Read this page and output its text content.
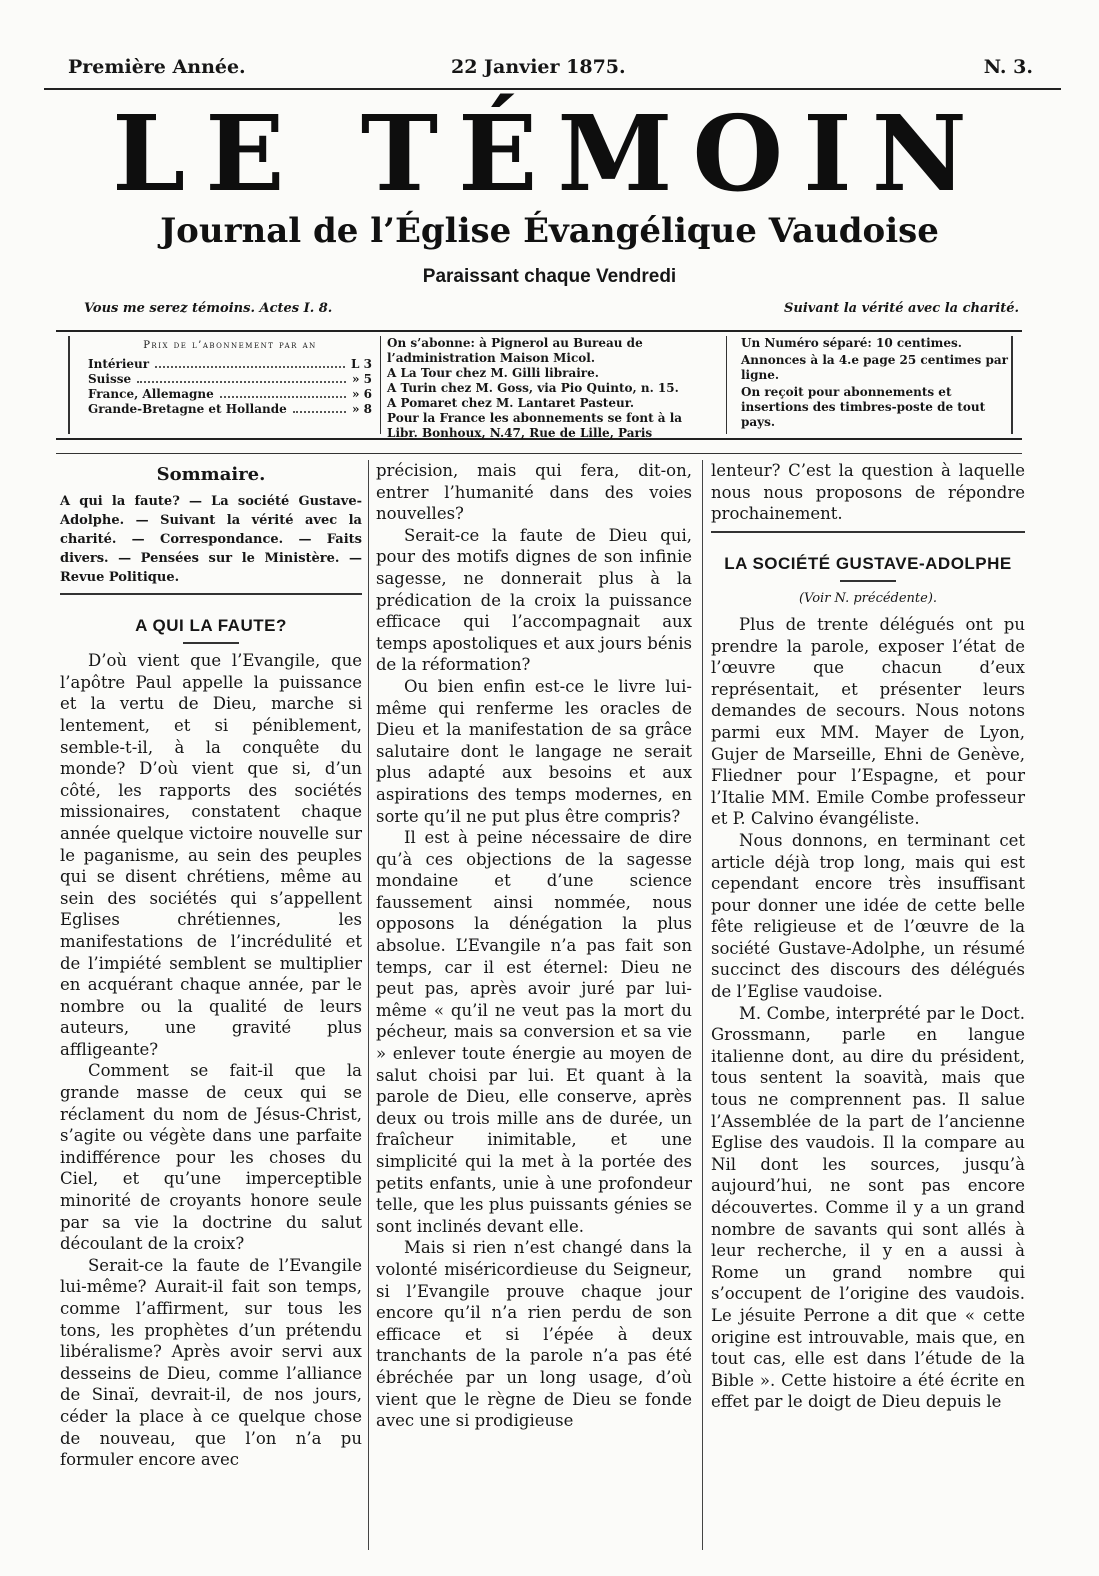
Première Année.	22 Janvier 1875.	N. 3.
LE TÉMOIN
Journal de l’Église Évangélique Vaudoise
Paraissant chaque Vendredi
Vous me serez témoins. Actes I. 8.	Suivant la vérité avec la charité.
Prix de l’abonnement par an
Intérieur	L 3
Suisse	» 5
France, Allemagne	» 6
Grande-Bretagne et Hollande	» 8

On s’abonne: à Pignerol au Bureau de l’administration Maison Micol.

A La Tour chez M. Gilli libraire.

A Turin chez M. Goss, via Pio Quinto, n. 15.

A Pomaret chez M. Lantaret Pasteur.

Pour la France les abonnements se font à la Libr. Bonhoux, N.47, Rue de Lille, Paris

Un Numéro séparé: 10 centimes.

Annonces à la 4.e page 25 centimes par ligne.

On reçoit pour abonnements et insertions des timbres-poste de tout pays.

Sommaire.
A qui la faute? — La société Gustave-Adolphe. — Suivant la vérité avec la charité. — Correspondance. — Faits divers. — Pensées sur le Ministère. — Revue Politique.
A QUI LA FAUTE?

D’où vient que l’Evangile, que l’apôtre Paul appelle la puissance et la vertu de Dieu, marche si lentement, et si péniblement, semble-t-il, à la conquête du monde? D’où vient que si, d’un côté, les rapports des sociétés missionaires, constatent chaque année quelque victoire nouvelle sur le paganisme, au sein des peuples qui se disent chrétiens, même au sein des sociétés qui s’appellent Eglises chrétiennes, les manifestations de l’incrédulité et de l’impiété semblent se multiplier en acquérant chaque année, par le nombre ou la qualité de leurs auteurs, une gravité plus affligeante?

Comment se fait-il que la grande masse de ceux qui se réclament du nom de Jésus-Christ, s’agite ou végète dans une parfaite indifférence pour les choses du Ciel, et qu’une imperceptible minorité de croyants honore seule par sa vie la doctrine du salut découlant de la croix?

Serait-ce la faute de l’Evangile lui-même? Aurait-il fait son temps, comme l’affirment, sur tous les tons, les prophètes d’un prétendu libéralisme? Après avoir servi aux desseins de Dieu, comme l’alliance de Sinaï, devrait-il, de nos jours, céder la place à ce quelque chose de nouveau, que l’on n’a pu formuler encore avec

précision, mais qui fera, dit-on, entrer l’humanité dans des voies nouvelles?

Serait-ce la faute de Dieu qui, pour des motifs dignes de son infinie sagesse, ne donnerait plus à la prédication de la croix la puissance efficace qui l’accompagnait aux temps apostoliques et aux jours bénis de la réformation?

Ou bien enfin est-ce le livre lui-même qui renferme les oracles de Dieu et la manifestation de sa grâce salutaire dont le langage ne serait plus adapté aux besoins et aux aspirations des temps modernes, en sorte qu’il ne put plus être compris?

Il est à peine nécessaire de dire qu’à ces objections de la sagesse mondaine et d’une science faussement ainsi nommée, nous opposons la dénégation la plus absolue. L’Evangile n’a pas fait son temps, car il est éternel: Dieu ne peut pas, après avoir juré par lui-même « qu’il ne veut pas la mort du pécheur, mais sa conversion et sa vie » enlever toute énergie au moyen de salut choisi par lui. Et quant à la parole de Dieu, elle conserve, après deux ou trois mille ans de durée, un fraîcheur inimitable, et une simplicité qui la met à la portée des petits enfants, unie à une profondeur telle, que les plus puissants génies se sont inclinés devant elle.

Mais si rien n’est changé dans la volonté miséricordieuse du Seigneur, si l’Evangile prouve chaque jour encore qu’il n’a rien perdu de son efficace et si l’épée à deux tranchants de la parole n’a pas été ébréchée par un long usage, d’où vient que le règne de Dieu se fonde avec une si prodigieuse

lenteur? C’est la question à laquelle nous nous proposons de répondre prochainement.

LA SOCIÉTÉ GUSTAVE-ADOLPHE
(Voir N. précédente).

Plus de trente délégués ont pu prendre la parole, exposer l’état de l’œuvre que chacun d’eux représentait, et présenter leurs demandes de secours. Nous notons parmi eux MM. Mayer de Lyon, Gujer de Marseille, Ehni de Genève, Fliedner pour l’Espagne, et pour l’Italie MM. Emile Combe professeur et P. Calvino évangéliste.

Nous donnons, en terminant cet article déjà trop long, mais qui est cependant encore très insuffisant pour donner une idée de cette belle fête religieuse et de l’œuvre de la société Gustave-Adolphe, un résumé succinct des discours des délégués de l’Eglise vaudoise.

M. Combe, interprété par le Doct. Grossmann, parle en langue italienne dont, au dire du président, tous sentent la soavità, mais que tous ne comprennent pas. Il salue l’Assemblée de la part de l’ancienne Eglise des vaudois. Il la compare au Nil dont les sources, jusqu’à aujourd’hui, ne sont pas encore découvertes. Comme il y a un grand nombre de savants qui sont allés à leur recherche, il y en a aussi à Rome un grand nombre qui s’occupent de l’origine des vaudois. Le jésuite Perrone a dit que « cette origine est introuvable, mais que, en tout cas, elle est dans l’étude de la Bible ». Cette histoire a été écrite en effet par le doigt de Dieu depuis le
